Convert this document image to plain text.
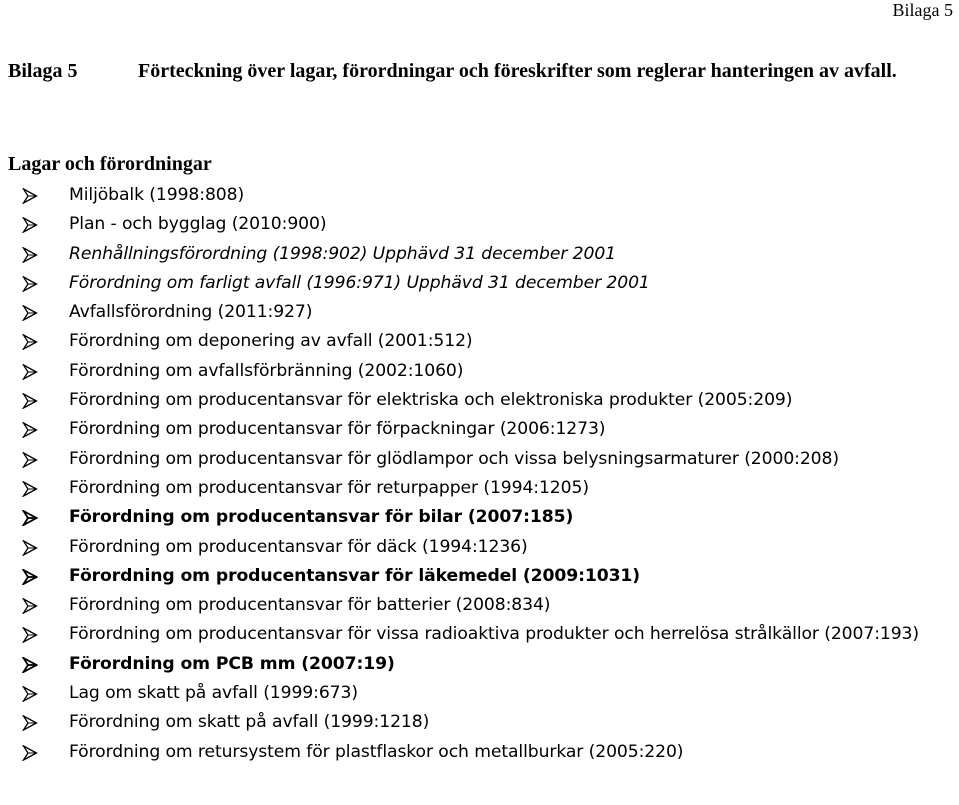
Bilaga 5
Bilaga 5	Förteckning över lagar, förordningar och föreskrifter som reglerar hanteringen av avfall.
Lagar och förordningar
Miljöbalk (1998:808)
Plan - och bygglag (2010:900)
Renhållningsförordning (1998:902) Upphävd 31 december 2001
Förordning om farligt avfall (1996:971) Upphävd 31 december 2001
Avfallsförordning (2011:927)
Förordning om deponering av avfall (2001:512)
Förordning om avfallsförbränning (2002:1060)
Förordning om producentansvar för elektriska och elektroniska produkter (2005:209)
Förordning om producentansvar för förpackningar (2006:1273)
Förordning om producentansvar för glödlampor och vissa belysningsarmaturer (2000:208)
Förordning om producentansvar för returpapper (1994:1205)
Förordning om producentansvar för bilar (2007:185)
Förordning om producentansvar för däck (1994:1236)
Förordning om producentansvar för läkemedel (2009:1031)
Förordning om producentansvar för batterier (2008:834)
Förordning om producentansvar för vissa radioaktiva produkter och herrelösa strålkällor (2007:193)
Förordning om PCB mm (2007:19)
Lag om skatt på avfall (1999:673)
Förordning om skatt på avfall (1999:1218)
Förordning om retursystem för plastflaskor och metallburkar (2005:220)
